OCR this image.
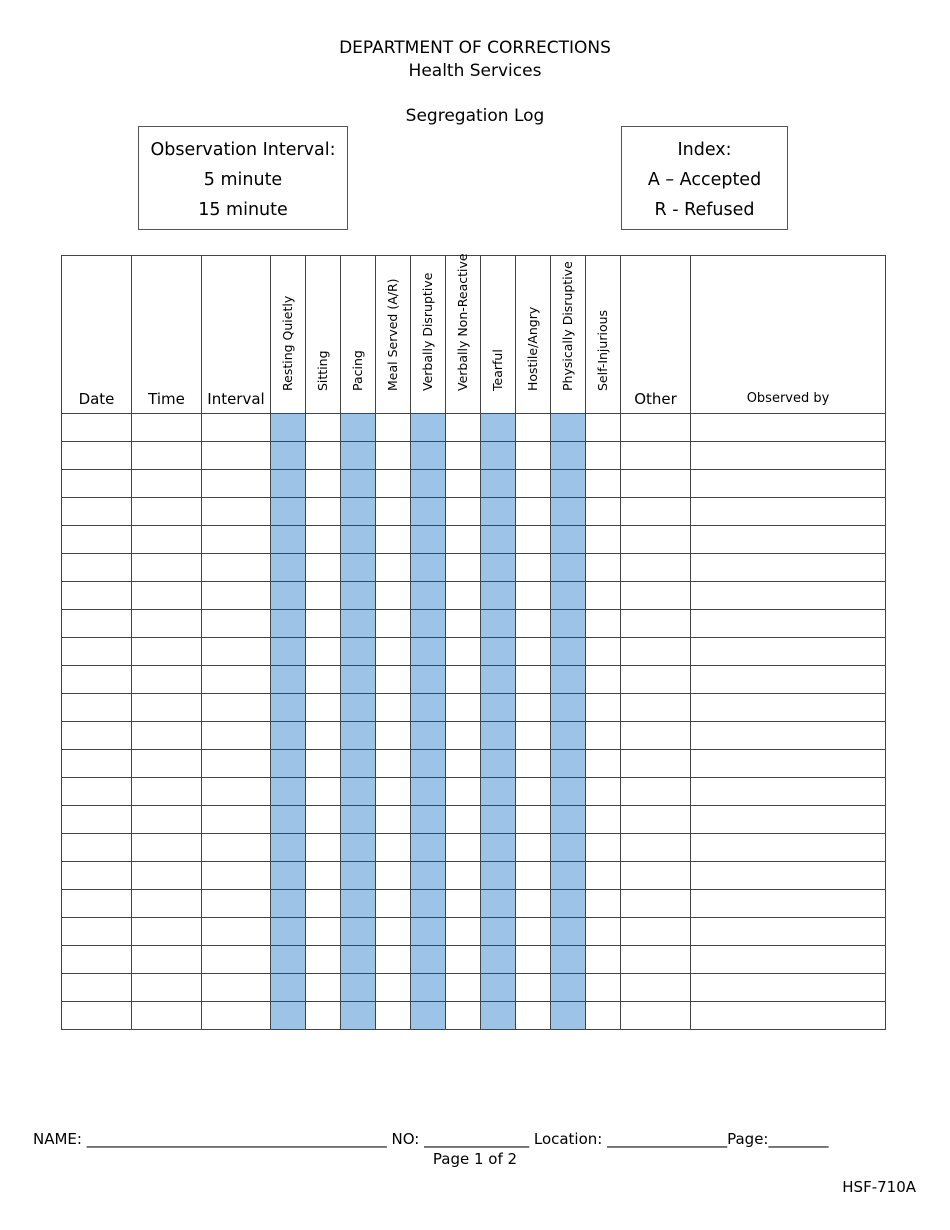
DEPARTMENT OF CORRECTIONS
Health Services
Segregation Log
Observation Interval:
5 minute
15 minute
Index:
A – Accepted
R - Refused
Date	Time	Interval	Resting Quietly	Sitting	Pacing	Meal Served (A/R)	Verbally Disruptive	Verbally Non-Reactive	Tearful	Hostile/Angry	Physically Disruptive	Self-Injurious	Other	Observed by

NAME: ________________________________________ NO: ______________ Location: ________________Page:________
Page 1 of 2
HSF-710A
